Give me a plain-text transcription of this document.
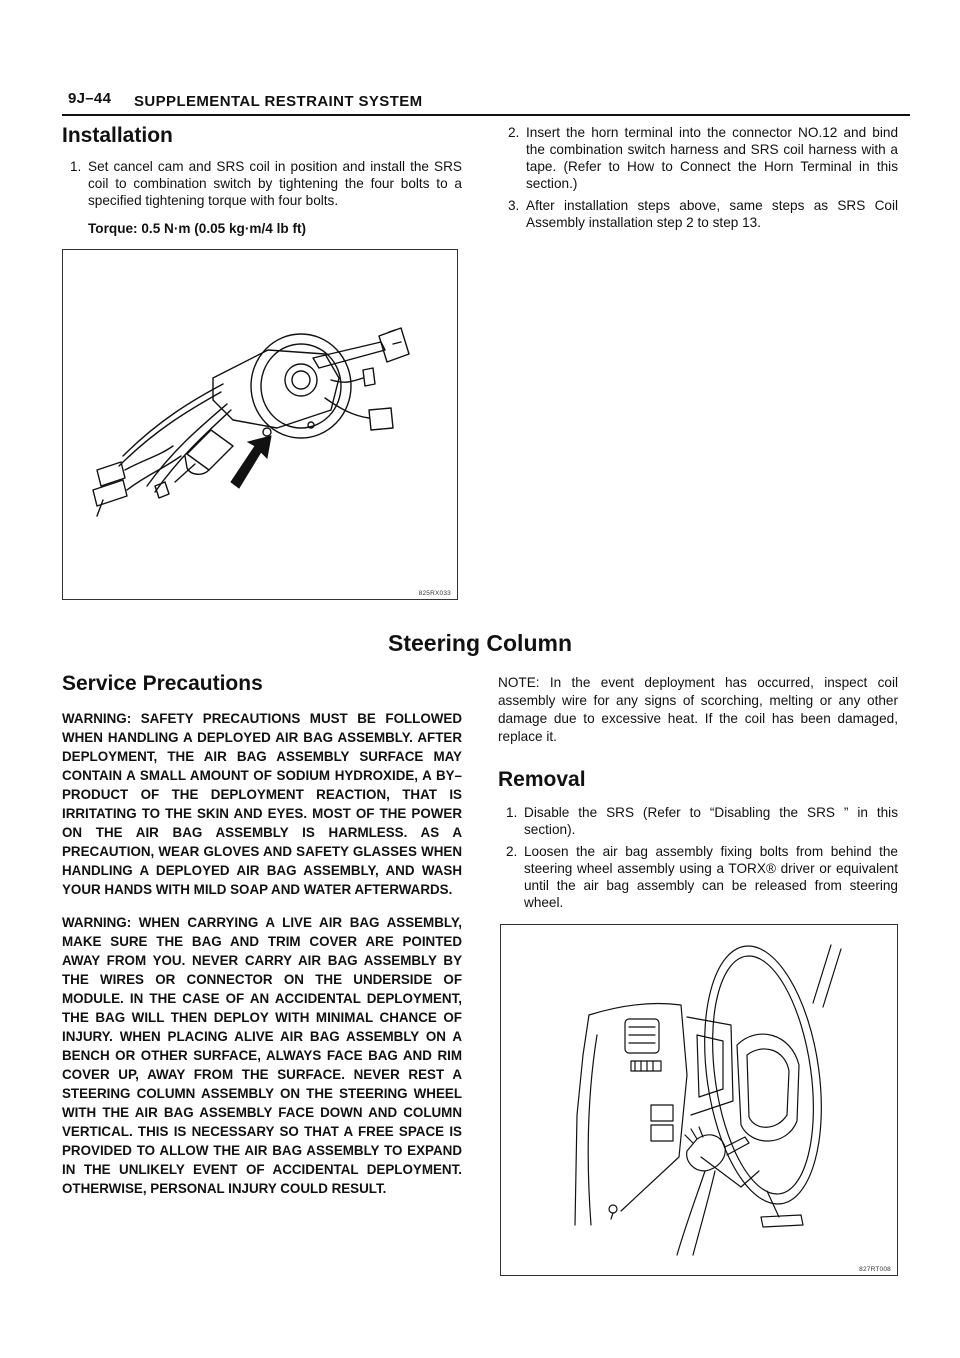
9J–44 SUPPLEMENTAL RESTRAINT SYSTEM
Installation
1. Set cancel cam and SRS coil in position and install the SRS coil to combination switch by tightening the four bolts to a specified tightening torque with four bolts.
Torque: 0.5 N·m (0.05 kg·m/4 lb ft)
825RX033
2. Insert the horn terminal into the connector NO.12 and bind the combination switch harness and SRS coil harness with a tape. (Refer to How to Connect the Horn Terminal in this section.)
3. After installation steps above, same steps as SRS Coil Assembly installation step 2 to step 13.
Steering Column
Service Precautions

WARNING: SAFETY PRECAUTIONS MUST BE FOLLOWED WHEN HANDLING A DEPLOYED AIR BAG ASSEMBLY. AFTER DEPLOYMENT, THE AIR BAG ASSEMBLY SURFACE MAY CONTAIN A SMALL AMOUNT OF SODIUM HYDROXIDE, A BY–PRODUCT OF THE DEPLOYMENT REACTION, THAT IS IRRITATING TO THE SKIN AND EYES. MOST OF THE POWER ON THE AIR BAG ASSEMBLY IS HARMLESS. AS A PRECAUTION, WEAR GLOVES AND SAFETY GLASSES WHEN HANDLING A DEPLOYED AIR BAG ASSEMBLY, AND WASH YOUR HANDS WITH MILD SOAP AND WATER AFTERWARDS.

WARNING: WHEN CARRYING A LIVE AIR BAG ASSEMBLY, MAKE SURE THE BAG AND TRIM COVER ARE POINTED AWAY FROM YOU. NEVER CARRY AIR BAG ASSEMBLY BY THE WIRES OR CONNECTOR ON THE UNDERSIDE OF MODULE. IN THE CASE OF AN ACCIDENTAL DEPLOYMENT, THE BAG WILL THEN DEPLOY WITH MINIMAL CHANCE OF INJURY. WHEN PLACING ALIVE AIR BAG ASSEMBLY ON A BENCH OR OTHER SURFACE, ALWAYS FACE BAG AND RIM COVER UP, AWAY FROM THE SURFACE. NEVER REST A STEERING COLUMN ASSEMBLY ON THE STEERING WHEEL WITH THE AIR BAG ASSEMBLY FACE DOWN AND COLUMN VERTICAL. THIS IS NECESSARY SO THAT A FREE SPACE IS PROVIDED TO ALLOW THE AIR BAG ASSEMBLY TO EXPAND IN THE UNLIKELY EVENT OF ACCIDENTAL DEPLOYMENT. OTHERWISE, PERSONAL INJURY COULD RESULT.

NOTE: In the event deployment has occurred, inspect coil assembly wire for any signs of scorching, melting or any other damage due to excessive heat. If the coil has been damaged, replace it.

Removal
1. Disable the SRS (Refer to “Disabling the SRS ” in this section).
2. Loosen the air bag assembly fixing bolts from behind the steering wheel assembly using a TORX® driver or equivalent until the air bag assembly can be released from steering wheel.
827RT008
